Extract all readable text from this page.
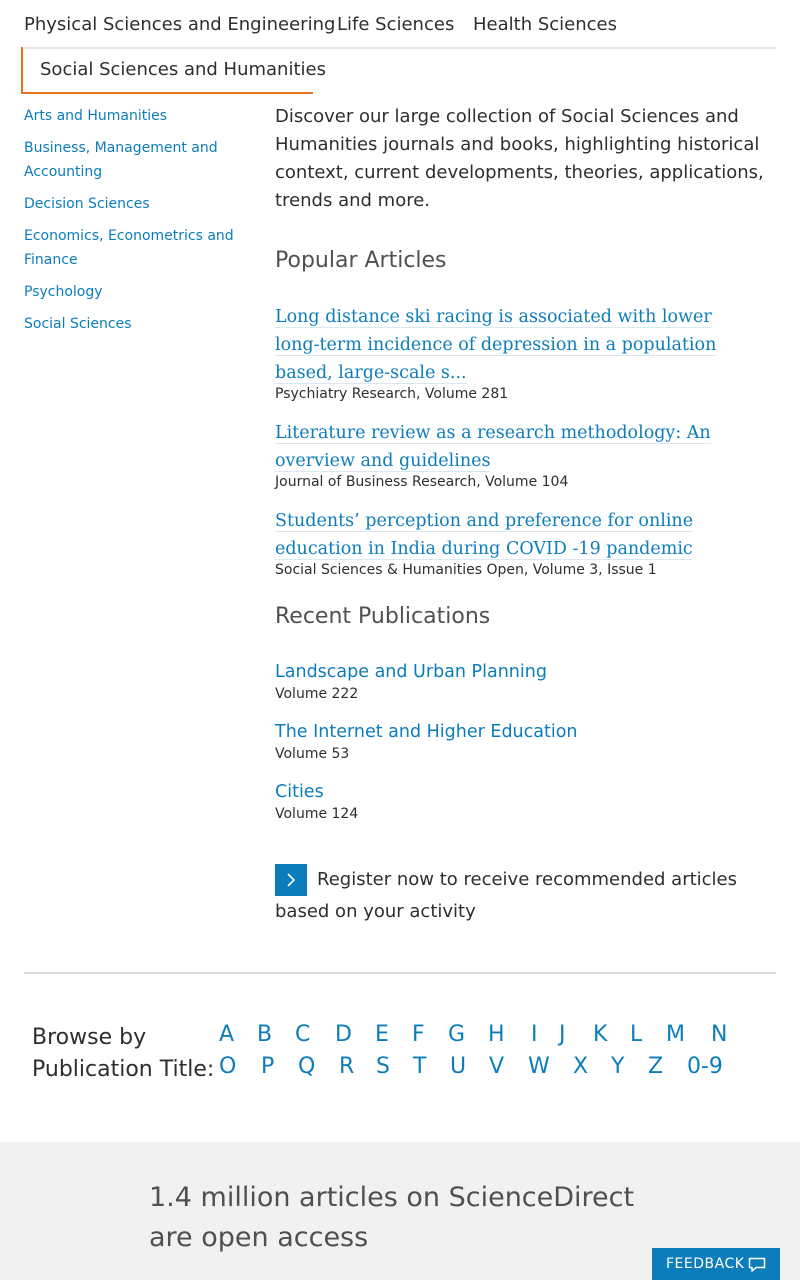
Physical Sciences and Engineering Life Sciences Health Sciences
Social Sciences and Humanities
Arts and Humanities
Business, Management and Accounting
Decision Sciences
Economics, Econometrics and Finance
Psychology
Social Sciences

Discover our large collection of Social Sciences and Humanities journals and books, highlighting historical context, current developments, theories, applications, trends and more.

Popular Articles
Long distance ski racing is associated with lower long-term incidence of depression in a population based, large-scale s...
Psychiatry Research, Volume 281
Literature review as a research methodology: An overview and guidelines
Journal of Business Research, Volume 104
Students’ perception and preference for online education in India during COVID -19 pandemic
Social Sciences & Humanities Open, Volume 3, Issue 1
Recent Publications
Landscape and Urban Planning
Volume 222
The Internet and Higher Education
Volume 53
Cities
Volume 124
Register now to receive recommended articles based on your activity
Browse by
Publication Title:
A B C D E F G H I J K L M N
O P Q R S T U V W X Y Z 0-9
1.4 million articles on ScienceDirect are open access
FEEDBACK
